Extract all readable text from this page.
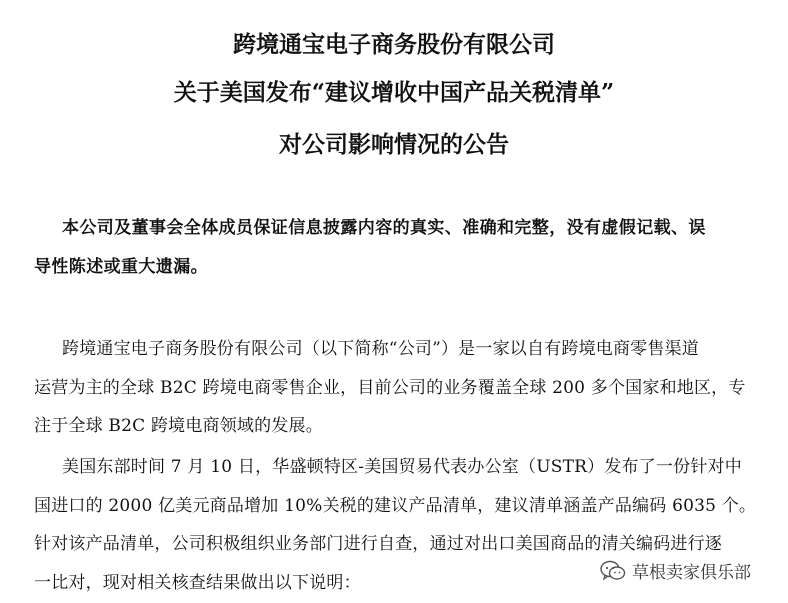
跨境通宝电子商务股份有限公司
关于美国发布“建议增收中国产品关税清单”
对公司影响情况的公告
本公司及董事会全体成员保证信息披露内容的真实、准确和完整，没有虚假记载、误
导性陈述或重大遗漏。
跨境通宝电子商务股份有限公司（以下简称“公司”）是一家以自有跨境电商零售渠道
运营为主的全球 B2C 跨境电商零售企业，目前公司的业务覆盖全球 200 多个国家和地区，专
注于全球 B2C 跨境电商领域的发展。
美国东部时间 7 月 10 日，华盛顿特区-美国贸易代表办公室（USTR）发布了一份针对中
国进口的 2000 亿美元商品增加 10%关税的建议产品清单，建议清单涵盖产品编码 6035 个。
针对该产品清单，公司积极组织业务部门进行自查，通过对出口美国商品的清关编码进行逐
一比对，现对相关核查结果做出以下说明：	草根卖家俱乐部
